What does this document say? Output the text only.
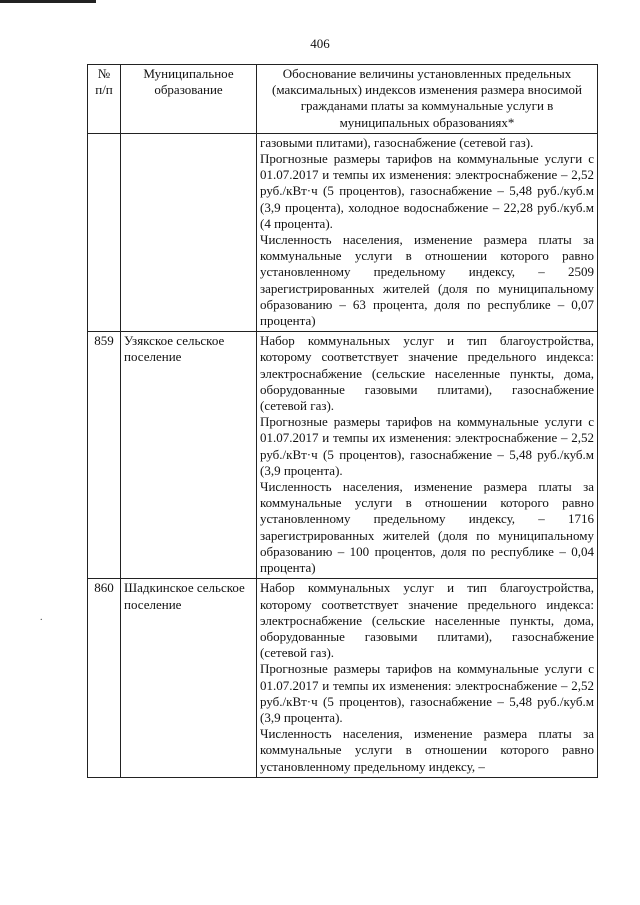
406
.
№ п/п	Муниципальное образование	Обоснование величины установленных предельных (максимальных) индексов изменения размера вносимой гражданами платы за коммунальные услуги в муниципальных образованиях*

		газовыми плитами), газоснабжение (сетевой газ).

Прогнозные размеры тарифов на коммунальные услуги с 01.07.2017 и темпы их изменения: электроснабжение – 2,52 руб./кВт·ч (5 процентов), газоснабжение – 5,48 руб./куб.м (3,9 процента), холодное водоснабжение – 22,28 руб./куб.м (4 процента).

Численность населения, изменение размера платы за коммунальные услуги в отношении которого равно установленному предельному индексу, – 2509 зарегистрированных жителей (доля по муниципальному образованию – 63 процента, доля по республике – 0,07 процента)

859	Узякское сельское поселение	Набор коммунальных услуг и тип благоустройства, которому соответствует значение предельного индекса: электроснабжение (сельские населенные пункты, дома, оборудованные газовыми плитами), газоснабжение (сетевой газ).

Прогнозные размеры тарифов на коммунальные услуги с 01.07.2017 и темпы их изменения: электроснабжение – 2,52 руб./кВт·ч (5 процентов), газоснабжение – 5,48 руб./куб.м (3,9 процента).

Численность населения, изменение размера платы за коммунальные услуги в отношении которого равно установленному предельному индексу, – 1716 зарегистрированных жителей (доля по муниципальному образованию – 100 процентов, доля по республике – 0,04 процента)

860	Шадкинское сельское поселение	Набор коммунальных услуг и тип благоустройства, которому соответствует значение предельного индекса: электроснабжение (сельские населенные пункты, дома, оборудованные газовыми плитами), газоснабжение (сетевой газ).

Прогнозные размеры тарифов на коммунальные услуги с 01.07.2017 и темпы их изменения: электроснабжение – 2,52 руб./кВт·ч (5 процентов), газоснабжение – 5,48 руб./куб.м (3,9 процента).

Численность населения, изменение размера платы за коммунальные услуги в отношении которого равно установленному предельному индексу, –
